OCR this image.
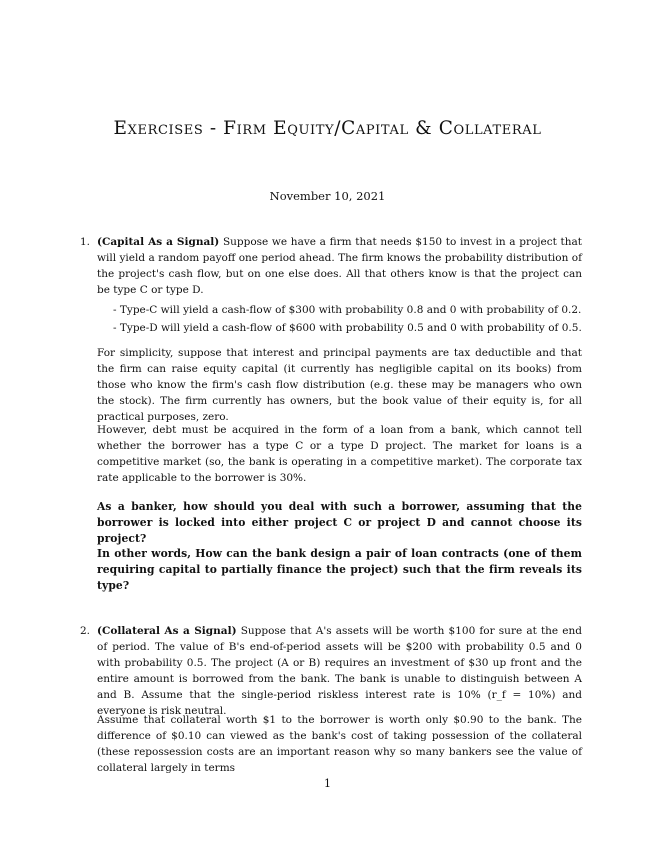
Exercises - Firm Equity/Capital & Collateral
November 10, 2021
1. (Capital As a Signal) Suppose we have a firm that needs $150 to invest in a project that will yield a random payoff one period ahead. The firm knows the probability distribution of the project's cash flow, but on one else does. All that others know is that the project can be type C or type D.

- Type-C will yield a cash-flow of $300 with probability 0.8 and 0 with probability of 0.2.
- Type-D will yield a cash-flow of $600 with probability 0.5 and 0 with probability of 0.5.
For simplicity, suppose that interest and principal payments are tax deductible and that the firm can raise equity capital (it currently has negligible capital on its books) from those who know the firm's cash flow distribution (e.g. these may be managers who own the stock). The firm currently has owners, but the book value of their equity is, for all practical purposes, zero.
However, debt must be acquired in the form of a loan from a bank, which cannot tell whether the borrower has a type C or a type D project. The market for loans is a competitive market (so, the bank is operating in a competitive market). The corporate tax rate applicable to the borrower is 30%.
As a banker, how should you deal with such a borrower, assuming that the borrower is locked into either project C or project D and cannot choose its project?
In other words, How can the bank design a pair of loan contracts (one of them requiring capital to partially finance the project) such that the firm reveals its type?
2. (Collateral As a Signal) Suppose that A's assets will be worth $100 for sure at the end of period. The value of B's end-of-period assets will be $200 with probability 0.5 and 0 with probability 0.5. The project (A or B) requires an investment of $30 up front and the entire amount is borrowed from the bank. The bank is unable to distinguish between A and B. Assume that the single-period riskless interest rate is 10% (r_f = 10%) and everyone is risk neutral.

Assume that collateral worth $1 to the borrower is worth only $0.90 to the bank. The difference of $0.10 can viewed as the bank's cost of taking possession of the collateral (these repossession costs are an important reason why so many bankers see the value of collateral largely in terms
1
